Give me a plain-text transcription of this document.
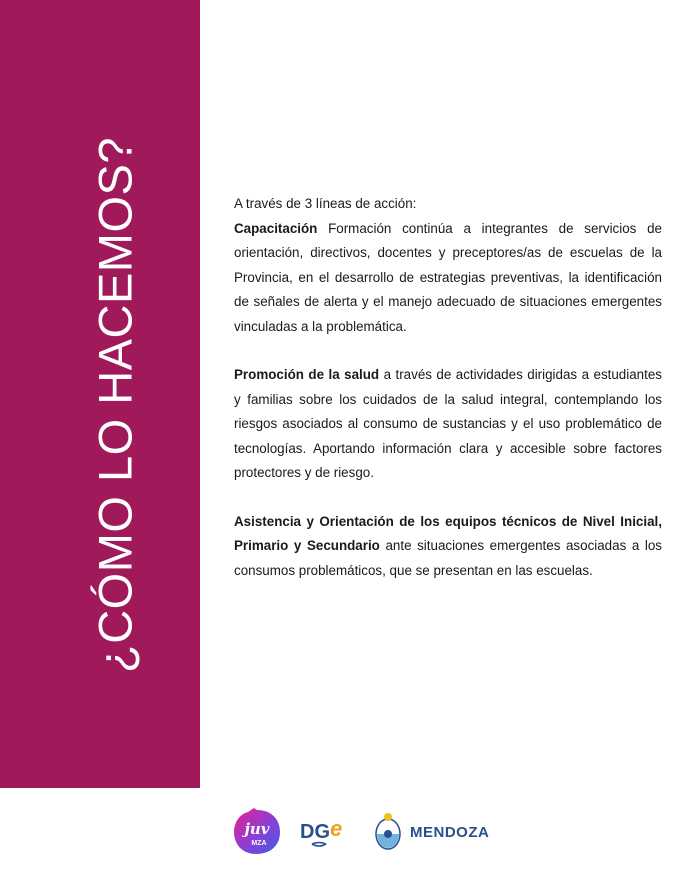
¿CÓMO LO HACEMOS?	A través de 3 líneas de acción:

Capacitación Formación continúa a integrantes de servicios de orientación, directivos, docentes y preceptores/as de escuelas de la Provincia, en el desarrollo de estrategias preventivas, la identificación de señales de alerta y el manejo adecuado de situaciones emergentes vinculadas a la problemática.

Promoción de la salud a través de actividades dirigidas a estudiantes y familias sobre los cuidados de la salud integral, contemplando los riesgos asociados al consumo de sustancias y el uso problemático de tecnologías. Aportando información clara y accesible sobre factores protectores y de riesgo.

Asistencia y Orientación de los equipos técnicos de Nivel Inicial, Primario y Secundario ante situaciones emergentes asociadas a los consumos problemáticos, que se presentan en las escuelas.

juv
MZA
DG e	MENDOZA
